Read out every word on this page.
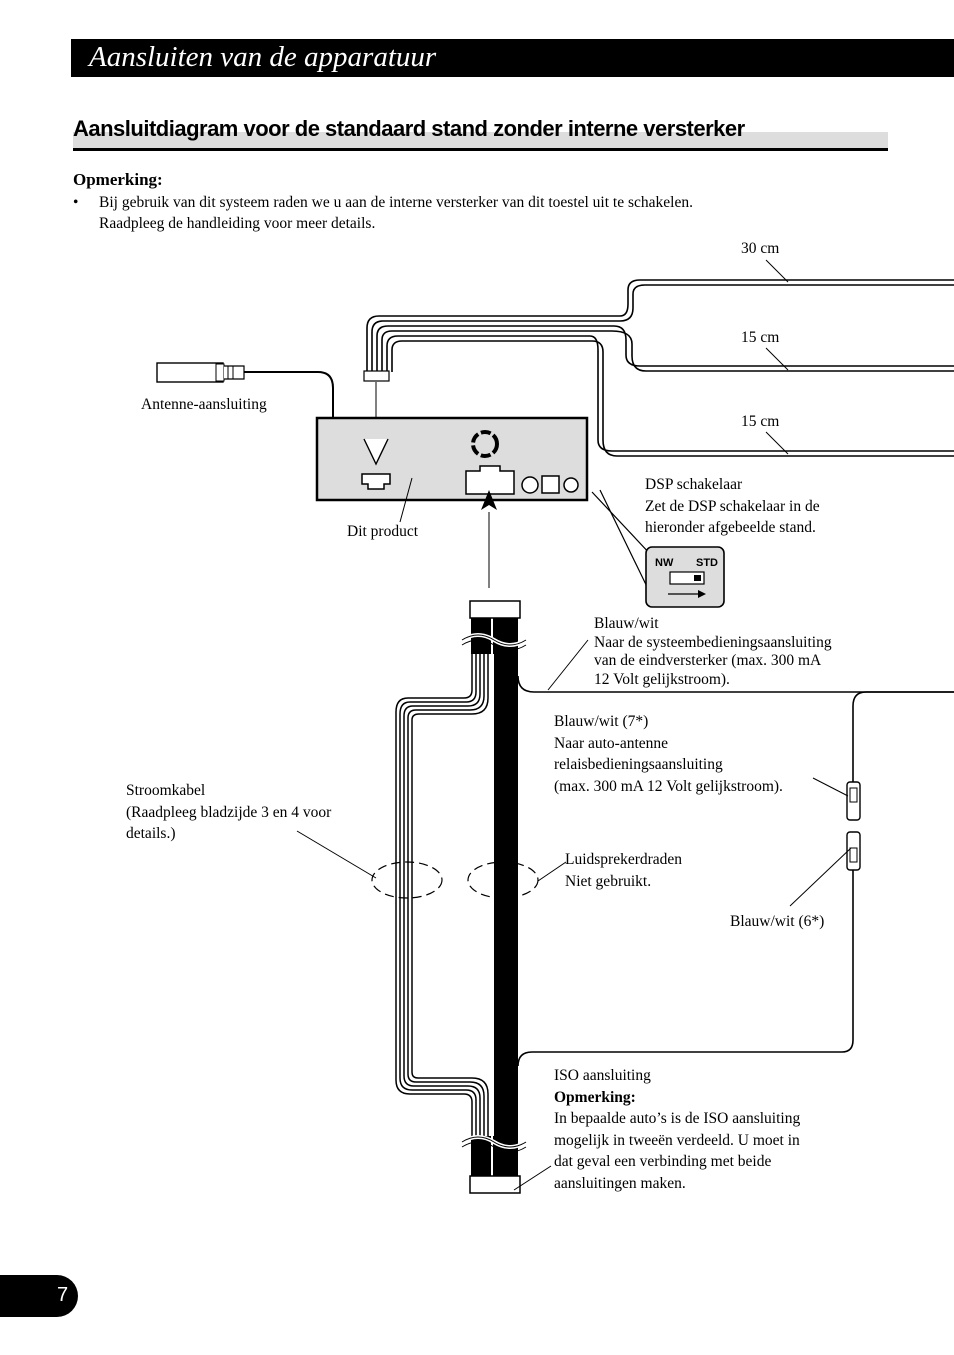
Aansluiten van de apparatuur
Aansluitdiagram voor de standaard stand zonder interne versterker
Opmerking:
• Bij gebruik van dit systeem raden we u aan de interne versterker van dit toestel uit te schakelen.
Raadpleeg de handleiding voor meer details.
NW STD
30 cm
15 cm
15 cm
Antenne-aansluiting
Dit product
DSP schakelaar
Zet de DSP schakelaar in de
hieronder afgebeelde stand.
Blauw/wit
Naar de systeembedieningsaansluiting
van de eindversterker (max. 300 mA
12 Volt gelijkstroom).
Blauw/wit (7*)
Naar auto-antenne
relaisbedieningsaansluiting
(max. 300 mA 12 Volt gelijkstroom).
Stroomkabel
(Raadpleeg bladzijde 3 en 4 voor
details.)
Luidsprekerdraden
Niet gebruikt.
Blauw/wit (6*)
ISO aansluiting
Opmerking:
In bepaalde auto’s is de ISO aansluiting
mogelijk in tweeën verdeeld. U moet in
dat geval een verbinding met beide
aansluitingen maken.
7
